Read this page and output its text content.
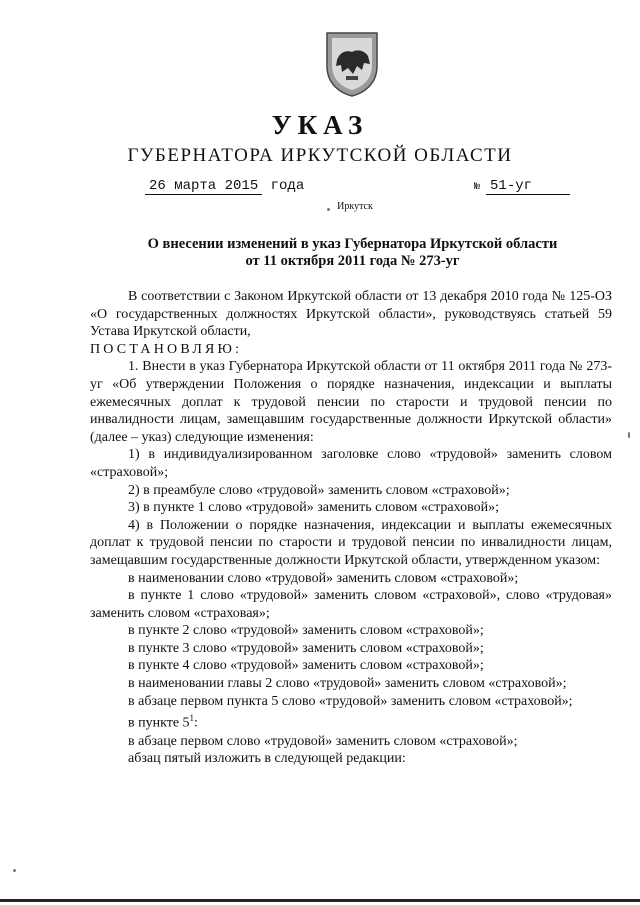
УКАЗ
ГУБЕРНАТОРА ИРКУТСКОЙ ОБЛАСТИ
26 марта 2015 года	№ 51-уг
Иркутск
О внесении изменений в указ Губернатора Иркутской области
от 11 октября 2011 года № 273-уг

В соответствии с Законом Иркутской области от 13 декабря 2010 года № 125-ОЗ «О государственных должностях Иркутской области», руководствуясь статьей 59 Устава Иркутской области,

ПОСТАНОВЛЯЮ:

1. Внести в указ Губернатора Иркутской области от 11 октября 2011 года № 273-уг «Об утверждении Положения о порядке назначения, индексации и выплаты ежемесячных доплат к трудовой пенсии по старости и трудовой пенсии по инвалидности лицам, замещавшим государственные должности Иркутской области» (далее – указ) следующие изменения:

1) в индивидуализированном заголовке слово «трудовой» заменить словом «страховой»;

2) в преамбуле слово «трудовой» заменить словом «страховой»;

3) в пункте 1 слово «трудовой» заменить словом «страховой»;

4) в Положении о порядке назначения, индексации и выплаты ежемесячных доплат к трудовой пенсии по старости и трудовой пенсии по инвалидности лицам, замещавшим государственные должности Иркутской области, утвержденном указом:

в наименовании слово «трудовой» заменить словом «страховой»;

в пункте 1 слово «трудовой» заменить словом «страховой», слово «трудовая» заменить словом «страховая»;

в пункте 2 слово «трудовой» заменить словом «страховой»;

в пункте 3 слово «трудовой» заменить словом «страховой»;

в пункте 4 слово «трудовой» заменить словом «страховой»;

в наименовании главы 2 слово «трудовой» заменить словом «страховой»;

в абзаце первом пункта 5 слово «трудовой» заменить словом «страховой»;

в пункте $5^1$:

в абзаце первом слово «трудовой» заменить словом «страховой»;

абзац пятый изложить в следующей редакции:
